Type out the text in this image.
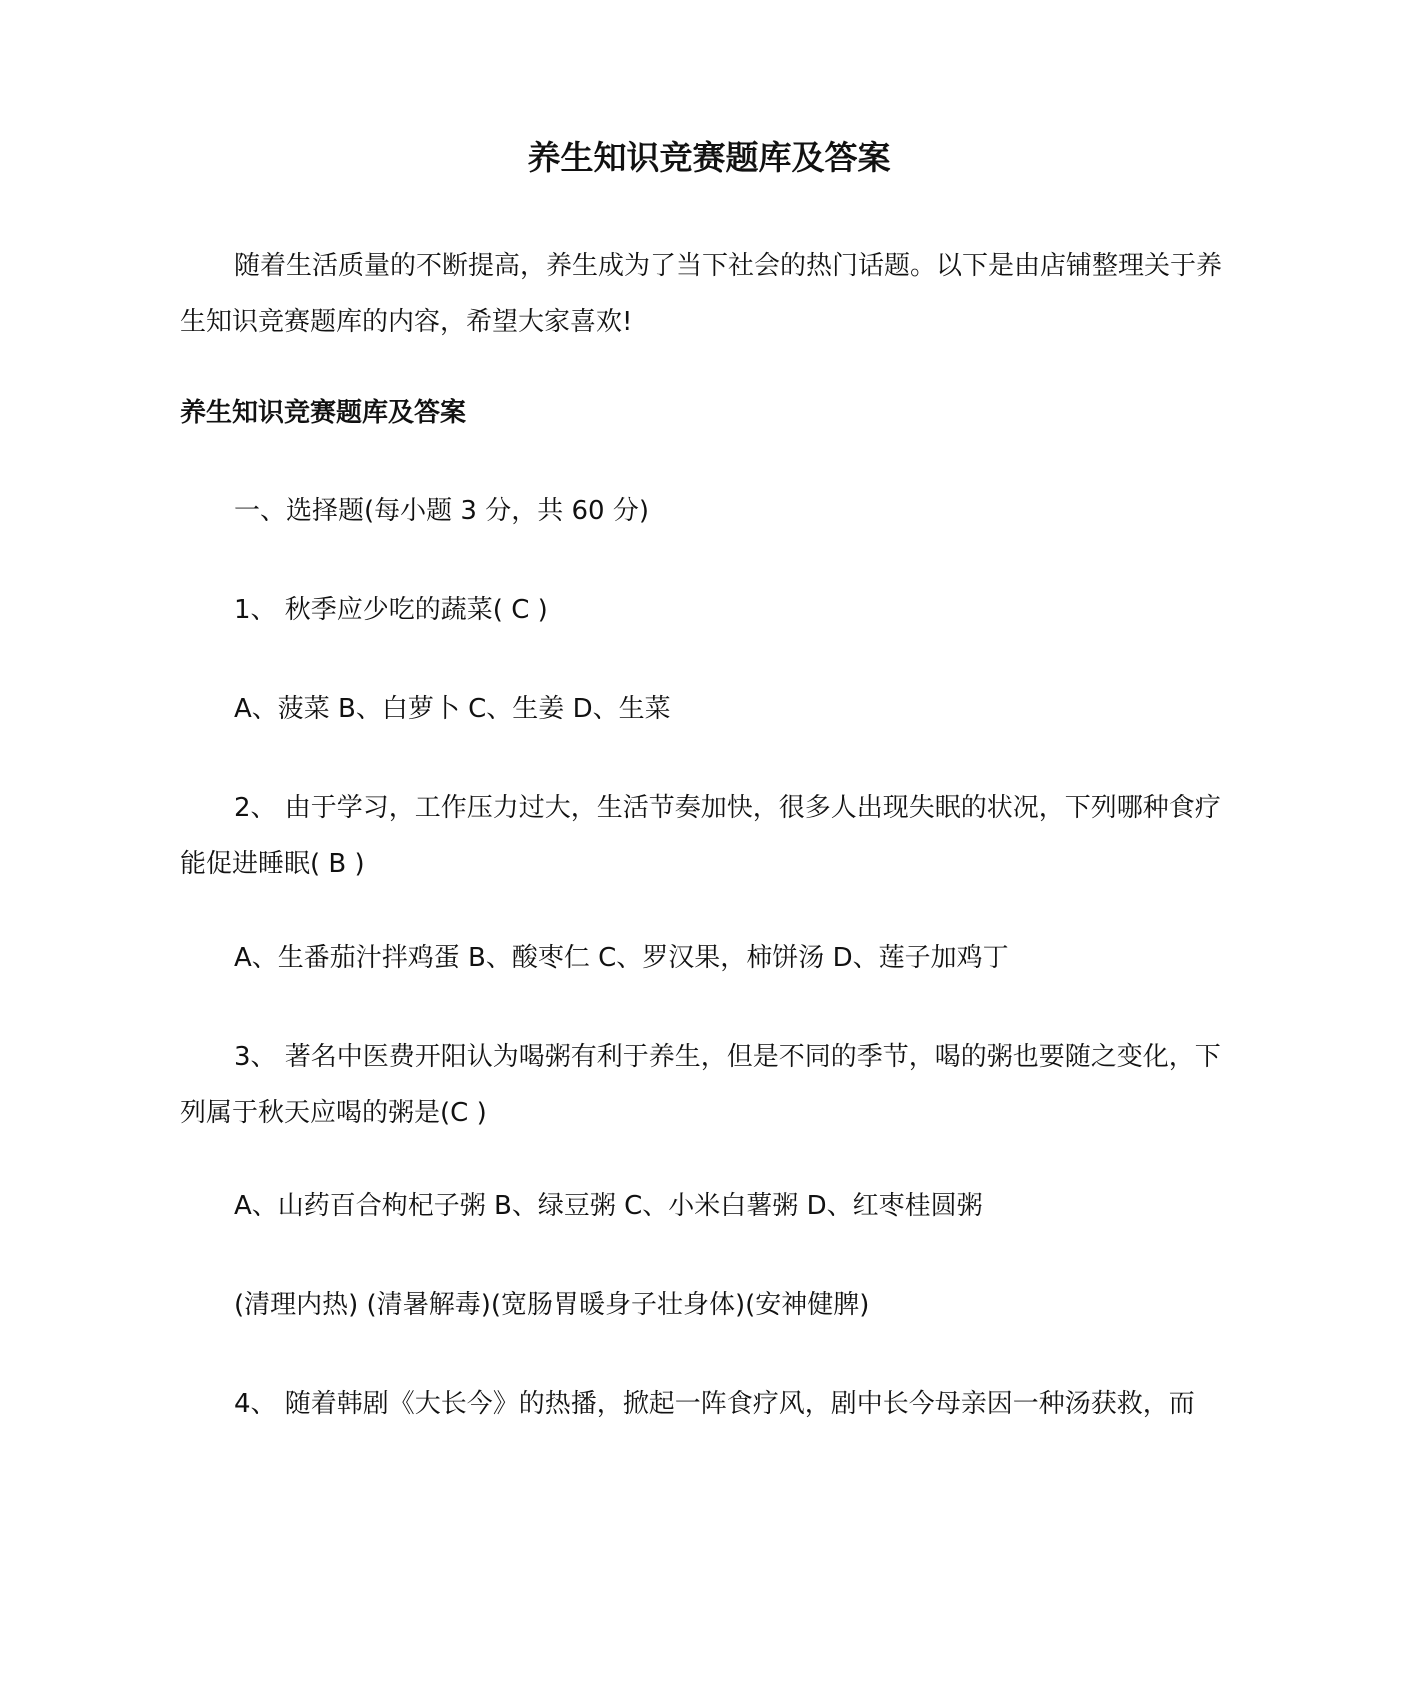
养生知识竞赛题库及答案

随着生活质量的不断提高，养生成为了当下社会的热门话题。以下是由店铺整理关于养生知识竞赛题库的内容，希望大家喜欢!

养生知识竞赛题库及答案

一、选择题(每小题 3 分，共 60 分)

1、 秋季应少吃的蔬菜( C )

A、菠菜 B、白萝卜 C、生姜 D、生菜

2、 由于学习，工作压力过大，生活节奏加快，很多人出现失眠的状况，下列哪种食疗能促进睡眠( B )

A、生番茄汁拌鸡蛋 B、酸枣仁 C、罗汉果，柿饼汤 D、莲子加鸡丁

3、 著名中医费开阳认为喝粥有利于养生，但是不同的季节，喝的粥也要随之变化，下列属于秋天应喝的粥是(C )

A、山药百合枸杞子粥 B、绿豆粥 C、小米白薯粥 D、红枣桂圆粥

(清理内热) (清暑解毒)(宽肠胃暖身子壮身体)(安神健脾)

4、 随着韩剧《大长今》的热播，掀起一阵食疗风，剧中长今母亲因一种汤获救，而
